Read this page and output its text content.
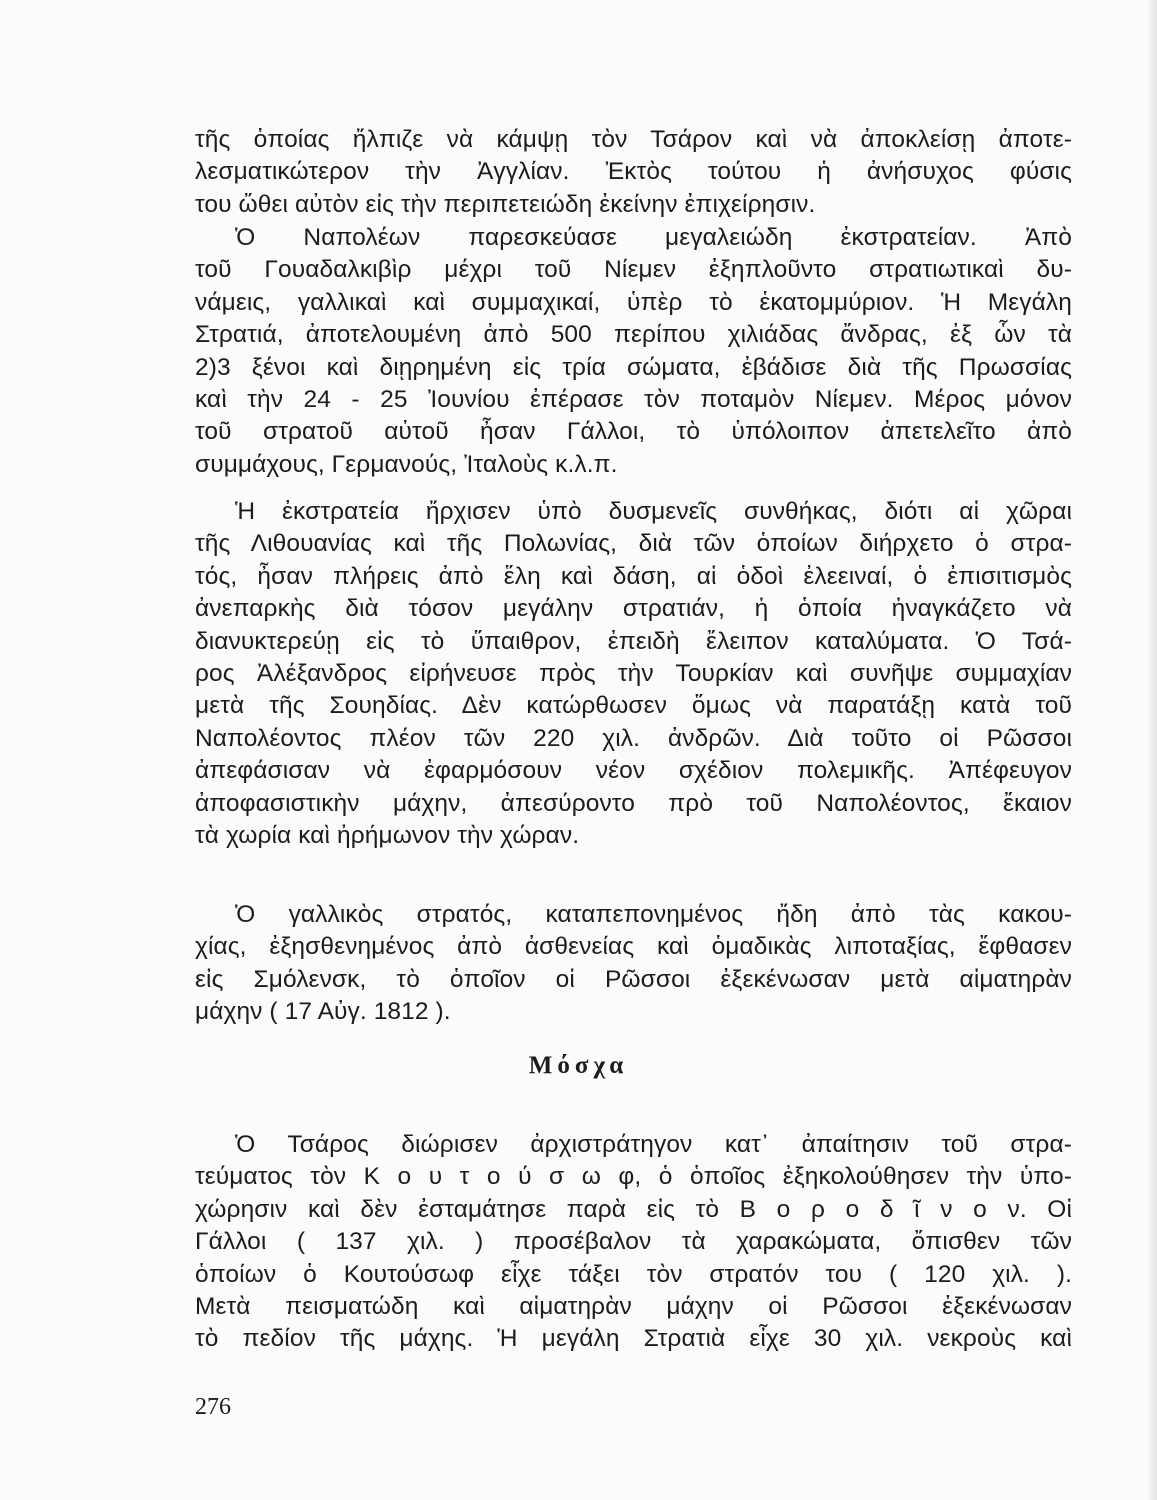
τῆς ὁποίας ἤλπιζε νὰ κάμψῃ τὸν Τσάρον καὶ νὰ ἀποκλείσῃ ἀποτε-
λεσματικώτερον τὴν Ἀγγλίαν. Ἐκτὸς τούτου ἡ ἀνήσυχος φύσις
του ὤθει αὐτὸν εἰς τὴν περιπετειώδη ἐκείνην ἐπιχείρησιν.
Ὁ Ναπολέων παρεσκεύασε μεγαλειώδη ἐκστρατείαν. Ἀπὸ
τοῦ Γουαδαλκιβὶρ μέχρι τοῦ Νίεμεν ἐξηπλοῦντο στρατιωτικαὶ δυ-
νάμεις, γαλλικαὶ καὶ συμμαχικαί, ὑπὲρ τὸ ἑκατομμύριον. Ἡ Μεγάλη
Στρατιά, ἀποτελουμένη ἀπὸ 500 περίπου χιλιάδας ἄνδρας, ἐξ ὧν τὰ
2)3 ξένοι καὶ διῃρημένη εἰς τρία σώματα, ἐβάδισε διὰ τῆς Πρωσσίας
καὶ τὴν 24 - 25 Ἰουνίου ἐπέρασε τὸν ποταμὸν Νίεμεν. Μέρος μόνον
τοῦ στρατοῦ αὐτοῦ ἦσαν Γάλλοι, τὸ ὑπόλοιπον ἀπετελεῖτο ἀπὸ
συμμάχους, Γερμανούς, Ἰταλοὺς κ.λ.π.
Ἡ ἐκστρατεία ἤρχισεν ὑπὸ δυσμενεῖς συνθήκας, διότι αἱ χῶραι
τῆς Λιθουανίας καὶ τῆς Πολωνίας, διὰ τῶν ὁποίων διήρχετο ὁ στρα-
τός, ἦσαν πλήρεις ἀπὸ ἕλη καὶ δάση, αἱ ὁδοὶ ἐλεειναί, ὁ ἐπισιτισμὸς
ἀνεπαρκὴς διὰ τόσον μεγάλην στρατιάν, ἡ ὁποία ἠναγκάζετο νὰ
διανυκτερεύῃ εἰς τὸ ὕπαιθρον, ἐπειδὴ ἔλειπον καταλύματα. Ὁ Τσά-
ρος Ἀλέξανδρος εἰρήνευσε πρὸς τὴν Τουρκίαν καὶ συνῆψε συμμαχίαν
μετὰ τῆς Σουηδίας. Δὲν κατώρθωσεν ὅμως νὰ παρατάξῃ κατὰ τοῦ
Ναπολέοντος πλέον τῶν 220 χιλ. ἀνδρῶν. Διὰ τοῦτο οἱ Ρῶσσοι
ἀπεφάσισαν νὰ ἐφαρμόσουν νέον σχέδιον πολεμικῆς. Ἀπέφευγον
ἀποφασιστικὴν μάχην, ἀπεσύροντο πρὸ τοῦ Ναπολέοντος, ἔκαιον
τὰ χωρία καὶ ἠρήμωνον τὴν χώραν.
Ὁ γαλλικὸς στρατός, καταπεπονημένος ἤδη ἀπὸ τὰς κακου-
χίας, ἐξησθενημένος ἀπὸ ἀσθενείας καὶ ὁμαδικὰς λιποταξίας, ἔφθασεν
εἰς Σμόλενσκ, τὸ ὁποῖον οἱ Ρῶσσοι ἐξεκένωσαν μετὰ αἱματηρὰν
μάχην ( 17 Αὐγ. 1812 ).
Ὁ Τσάρος διώρισεν ἀρχιστράτηγον κατ᾿ ἀπαίτησιν τοῦ στρα-
τεύματος τὸν Κ ο υ τ ο ύ σ ω φ, ὁ ὁποῖος ἐξηκολούθησεν τὴν ὑπο-
χώρησιν καὶ δὲν ἐσταμάτησε παρὰ εἰς τὸ Β ο ρ ο δ ῖ ν ο ν. Οἱ
Γάλλοι ( 137 χιλ. ) προσέβαλον τὰ χαρακώματα, ὄπισθεν τῶν
ὁποίων ὁ Κουτούσωφ εἶχε τάξει τὸν στρατόν του ( 120 χιλ. ).
Μετὰ πεισματώδη καὶ αἱματηρὰν μάχην οἱ Ρῶσσοι ἐξεκένωσαν
τὸ πεδίον τῆς μάχης. Ἡ μεγάλη Στρατιὰ εἶχε 30 χιλ. νεκροὺς καὶ
Μόσχα
276
